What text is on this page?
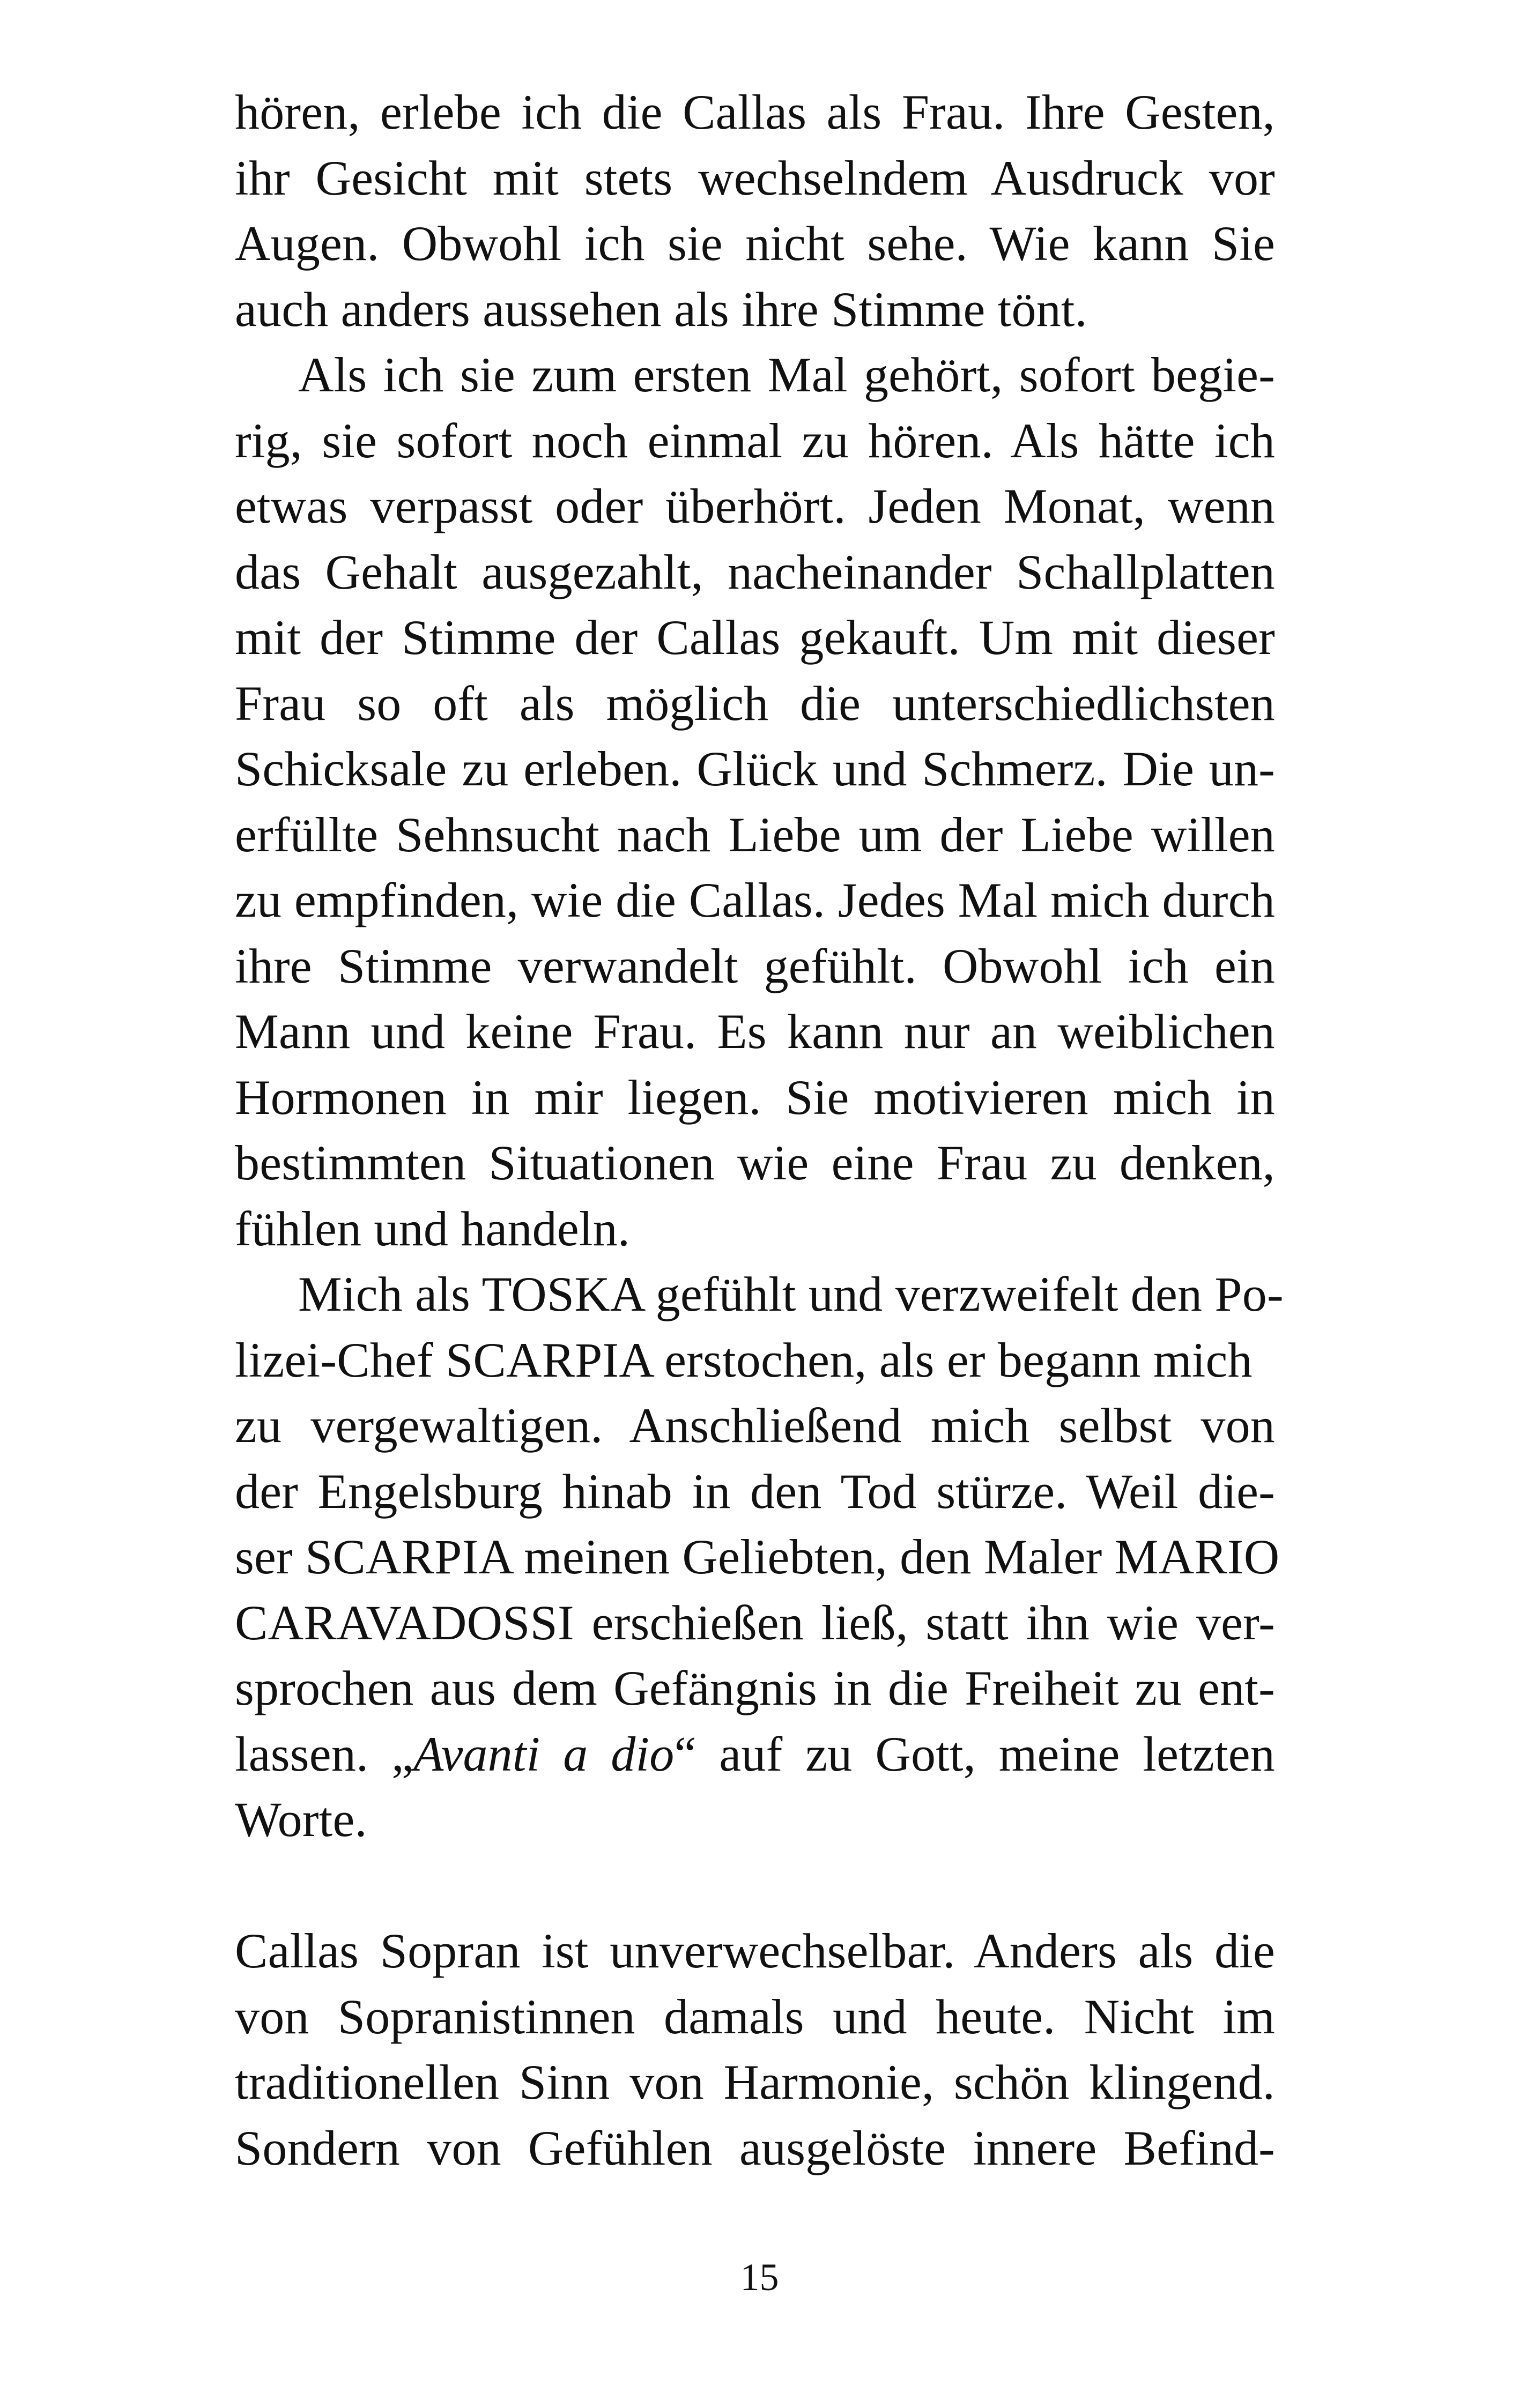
hören, erlebe ich die Callas als Frau. Ihre Gesten,
ihr Gesicht mit stets wechselndem Ausdruck vor
Augen. Obwohl ich sie nicht sehe. Wie kann Sie
auch anders aussehen als ihre Stimme tönt.
Als ich sie zum ersten Mal gehört, sofort begie-
rig, sie sofort noch einmal zu hören. Als hätte ich
etwas verpasst oder überhört. Jeden Monat, wenn
das Gehalt ausgezahlt, nacheinander Schallplatten
mit der Stimme der Callas gekauft. Um mit dieser
Frau so oft als möglich die unterschiedlichsten
Schicksale zu erleben. Glück und Schmerz. Die un-
erfüllte Sehnsucht nach Liebe um der Liebe willen
zu empfinden, wie die Callas. Jedes Mal mich durch
ihre Stimme verwandelt gefühlt. Obwohl ich ein
Mann und keine Frau. Es kann nur an weiblichen
Hormonen in mir liegen. Sie motivieren mich in
bestimmten Situationen wie eine Frau zu denken,
fühlen und handeln.
Mich als TOSKA gefühlt und verzweifelt den Po-
lizei-Chef SCARPIA erstochen, als er begann mich
zu vergewaltigen. Anschließend mich selbst von
der Engelsburg hinab in den Tod stürze. Weil die-
ser SCARPIA meinen Geliebten, den Maler MARIO
CARAVADOSSI erschießen ließ, statt ihn wie ver-
sprochen aus dem Gefängnis in die Freiheit zu ent-
lassen. „Avanti a dio“ auf zu Gott, meine letzten
Worte.
Callas Sopran ist unverwechselbar. Anders als die
von Sopranistinnen damals und heute. Nicht im
traditionellen Sinn von Harmonie, schön klingend.
Sondern von Gefühlen ausgelöste innere Befind-
15
